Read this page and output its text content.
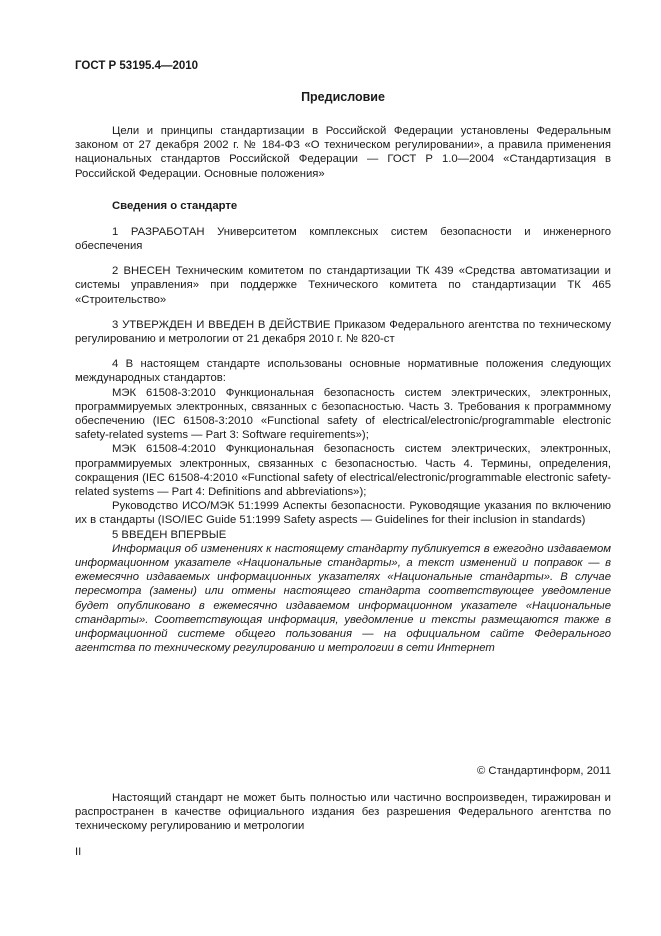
ГОСТ Р 53195.4—2010
Предисловие

Цели и принципы стандартизации в Российской Федерации установлены Федеральным законом от 27 декабря 2002 г. № 184-ФЗ «О техническом регулировании», а правила применения национальных стандартов Российской Федерации — ГОСТ Р 1.0—2004 «Стандартизация в Российской Федерации. Основные положения»

Сведения о стандарте

1 РАЗРАБОТАН Университетом комплексных систем безопасности и инженерного обеспечения

2 ВНЕСЕН Техническим комитетом по стандартизации ТК 439 «Средства автоматизации и системы управления» при поддержке Технического комитета по стандартизации ТК 465 «Строительство»

3 УТВЕРЖДЕН И ВВЕДЕН В ДЕЙСТВИЕ Приказом Федерального агентства по техническому регулированию и метрологии от 21 декабря 2010 г. № 820-ст

4 В настоящем стандарте использованы основные нормативные положения следующих международных стандартов:

МЭК 61508-3:2010 Функциональная безопасность систем электрических, электронных, программируемых электронных, связанных с безопасностью. Часть 3. Требования к программному обеспечению (IEC 61508-3:2010 «Functional safety of electrical/electronic/programmable electronic safety-related systems — Part 3: Software requirements»);

МЭК 61508-4:2010 Функциональная безопасность систем электрических, электронных, программируемых электронных, связанных с безопасностью. Часть 4. Термины, определения, сокращения (IEC 61508-4:2010 «Functional safety of electrical/electronic/programmable electronic safety-related systems — Part 4: Definitions and abbreviations»);

Руководство ИСО/МЭК 51:1999 Аспекты безопасности. Руководящие указания по включению их в стандарты (ISO/IEC Guide 51:1999 Safety aspects — Guidelines for their inclusion in standards)

5 ВВЕДЕН ВПЕРВЫЕ

Информация об изменениях к настоящему стандарту публикуется в ежегодно издаваемом информационном указателе «Национальные стандарты», а текст изменений и поправок — в ежемесячно издаваемых информационных указателях «Национальные стандарты». В случае пересмотра (замены) или отмены настоящего стандарта соответствующее уведомление будет опубликовано в ежемесячно издаваемом информационном указателе «Национальные стандарты». Соответствующая информация, уведомление и тексты размещаются также в информационной системе общего пользования — на официальном сайте Федерального агентства по техническому регулированию и метрологии в сети Интернет

© Стандартинформ, 2011

Настоящий стандарт не может быть полностью или частично воспроизведен, тиражирован и распространен в качестве официального издания без разрешения Федерального агентства по техническому регулированию и метрологии

II
